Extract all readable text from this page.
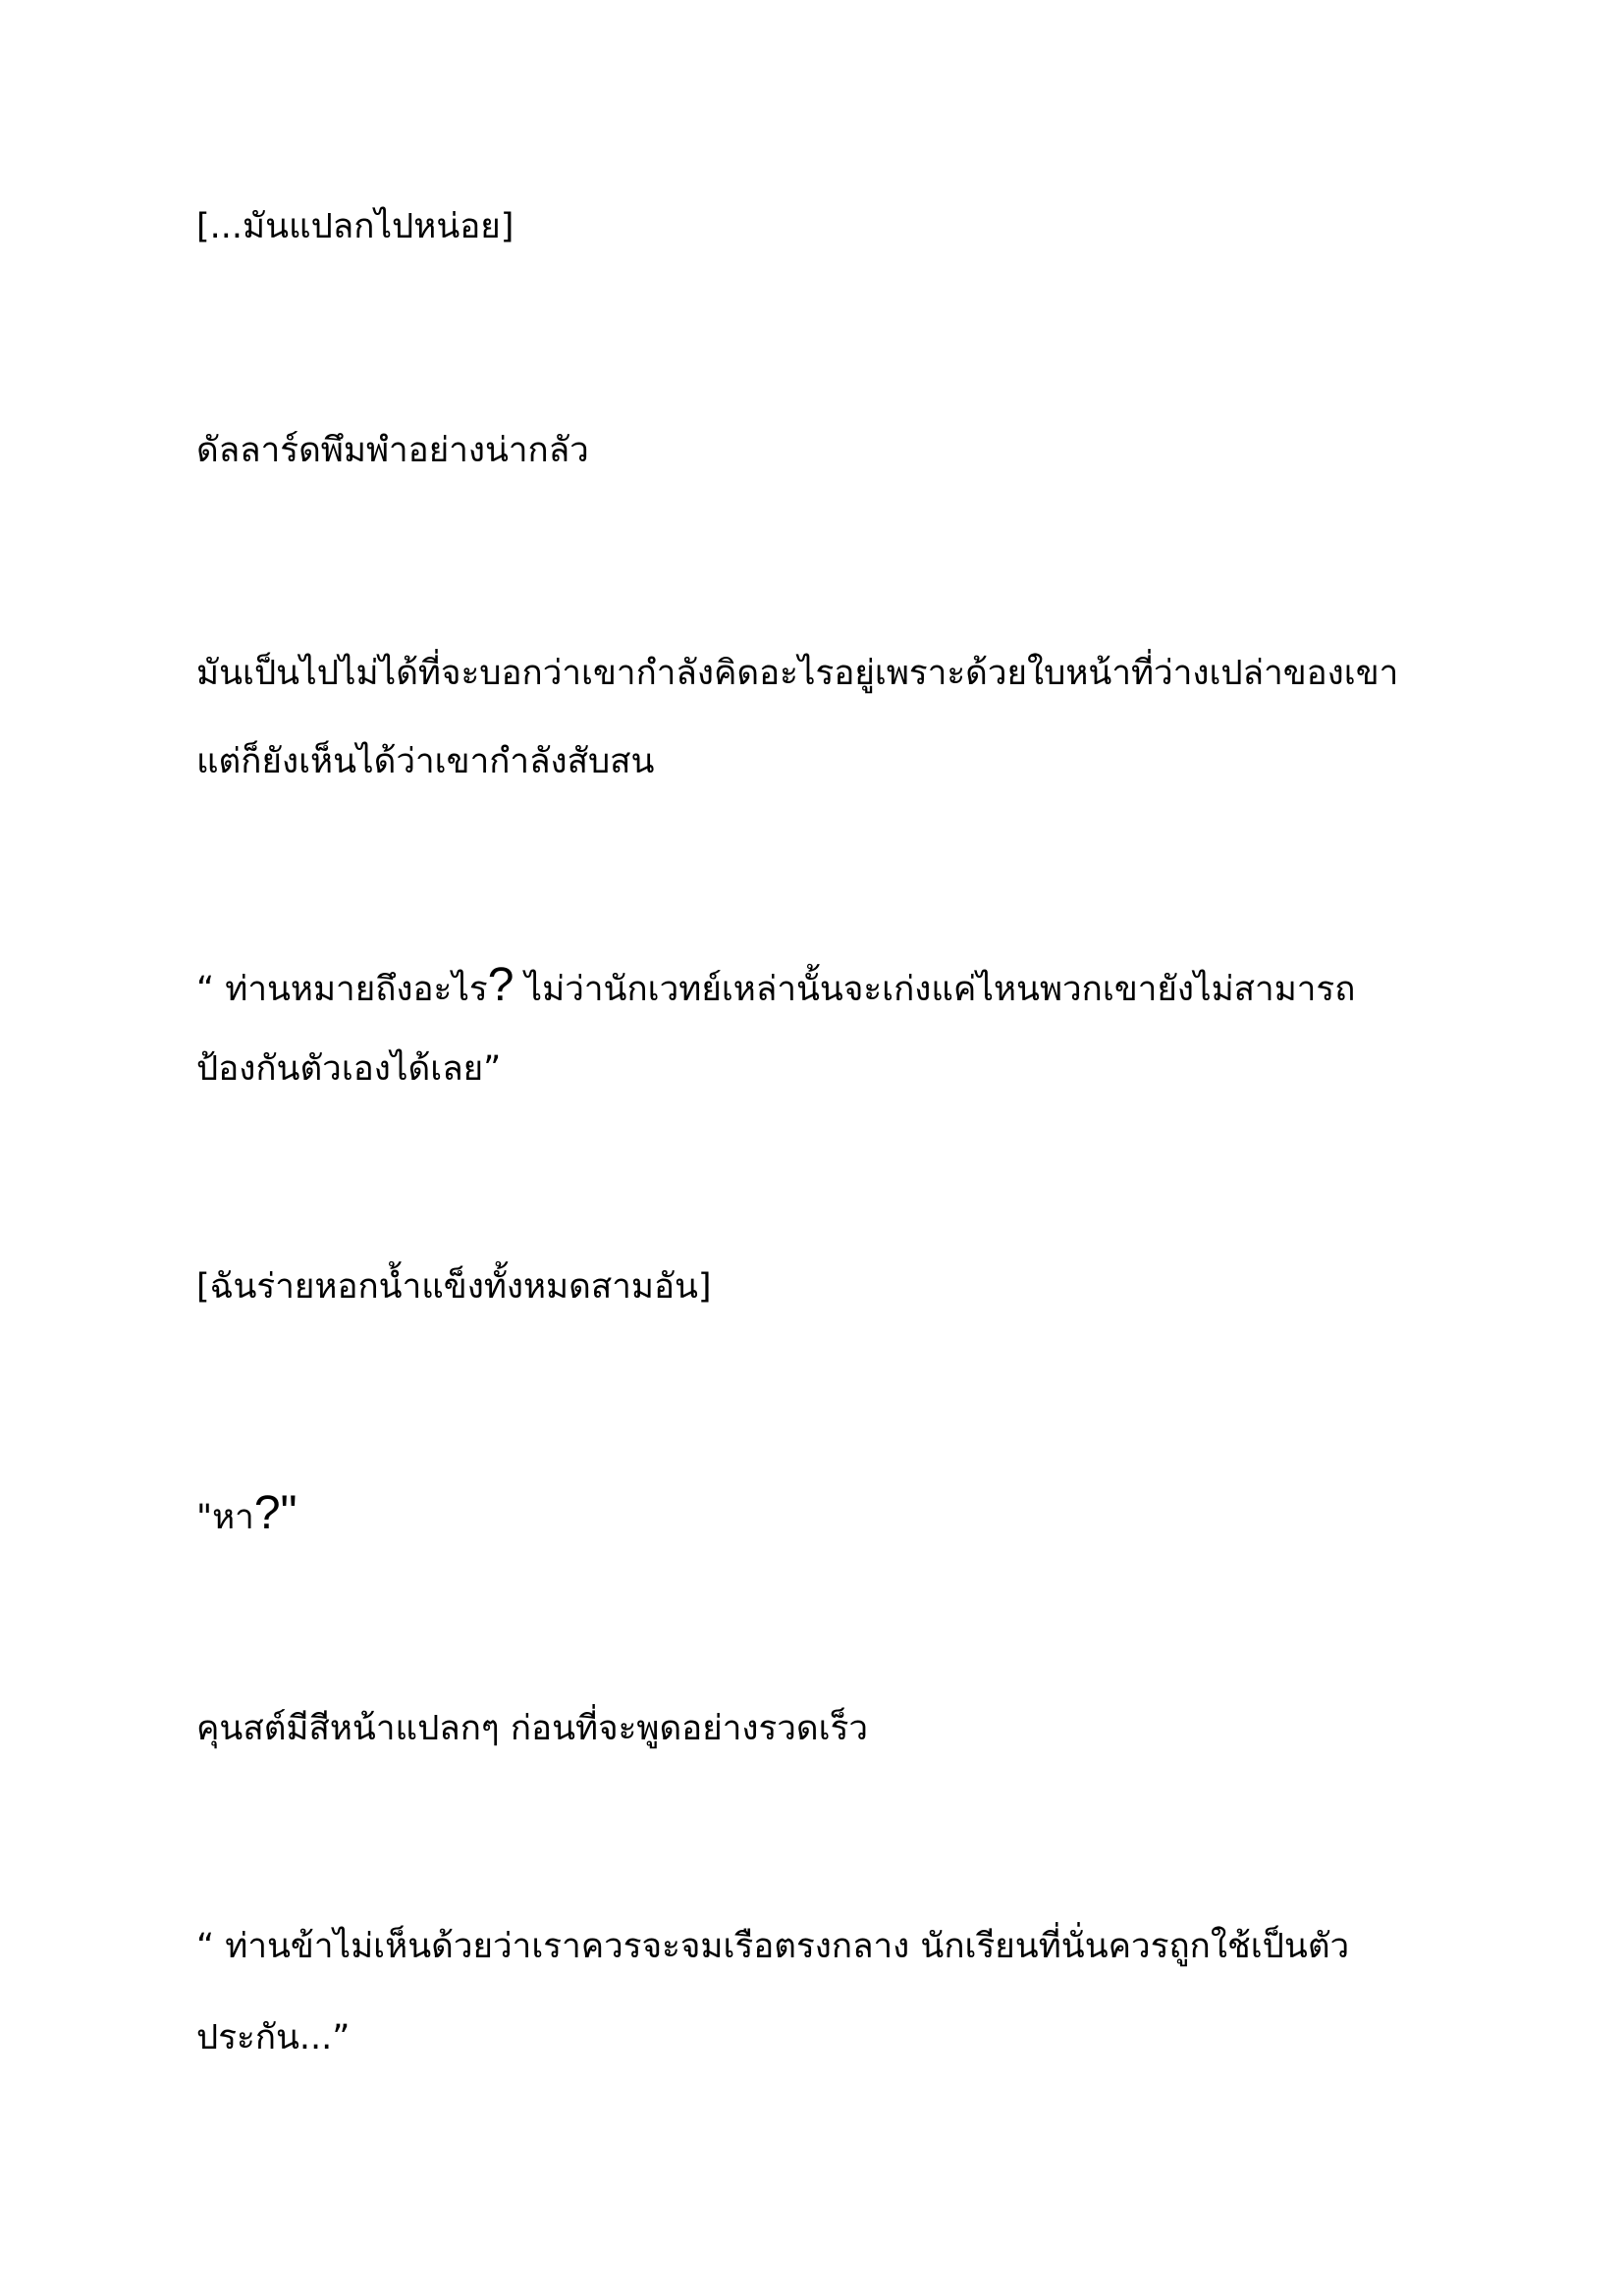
[...มันแปลกไปหน่อย]
ดัลลาร์ดพึมพำอย่างน่ากลัว
มันเป็นไปไม่ได้ที่จะบอกว่าเขากำลังคิดอะไรอยู่เพราะด้วยใบหน้าที่ว่างเปล่าของเขา
แต่ก็ยังเห็นได้ว่าเขากำลังสับสน
“ ท่านหมายถึงอะไร? ไม่ว่านักเวทย์เหล่านั้นจะเก่งแค่ไหนพวกเขายังไม่สามารถ
ป้องกันตัวเองได้เลย”
[ฉันร่ายหอกน้ำแข็งทั้งหมดสามอัน]
"หา?"
คุนสต์มีสีหน้าแปลกๆ ก่อนที่จะพูดอย่างรวดเร็ว
“ ท่านข้าไม่เห็นด้วยว่าเราควรจะจมเรือตรงกลาง นักเรียนที่นั่นควรถูกใช้เป็นตัว
ประกัน...”
